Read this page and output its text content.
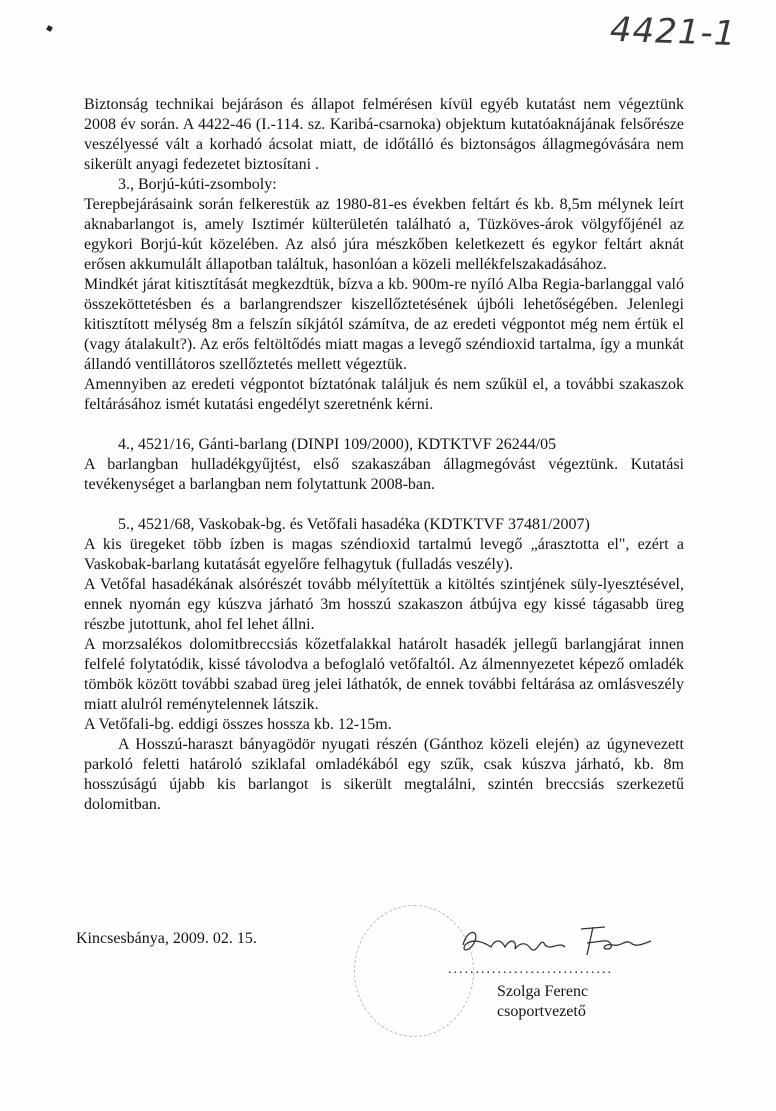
4421-1

Biztonság technikai bejáráson és állapot felmérésen kívül egyéb kutatást nem végeztünk 2008 év során. A 4422-46 (I.-114. sz. Karibá-csarnoka) objektum kutatóaknájának felsőrésze veszélyessé vált a korhadó ácsolat miatt, de időtálló és biztonságos állagmegóvására nem sikerült anyagi fedezetet biztosítani .

3., Borjú-kúti-zsomboly:

Terepbejárásaink során felkerestük az 1980-81-es években feltárt és kb. 8,5m mélynek leírt aknabarlangot is, amely Isztimér külterületén található a, Tüzköves-árok völgyfőjénél az egykori Borjú-kút közelében. Az alsó júra mészkőben keletkezett és egykor feltárt aknát erősen akkumulált állapotban találtuk, hasonlóan a közeli mellékfelszakadásához.

Mindkét járat kitisztítását megkezdtük, bízva a kb. 900m-re nyíló Alba Regia-barlanggal való összeköttetésben és a barlangrendszer kiszellőztetésének újbóli lehetőségében. Jelenlegi kitisztított mélység 8m a felszín síkjától számítva, de az eredeti végpontot még nem értük el (vagy átalakult?). Az erős feltöltődés miatt magas a levegő széndioxid tartalma, így a munkát állandó ventillátoros szellőztetés mellett végeztük.

Amennyiben az eredeti végpontot bíztatónak találjuk és nem szűkül el, a további szakaszok feltárásához ismét kutatási engedélyt szeretnénk kérni.

4., 4521/16, Gánti-barlang (DINPI 109/2000), KDTKTVF 26244/05

A barlangban hulladékgyűjtést, első szakaszában állagmegóvást végeztünk. Kutatási tevékenységet a barlangban nem folytattunk 2008-ban.

5., 4521/68, Vaskobak-bg. és Vetőfali hasadéka (KDTKTVF 37481/2007)

A kis üregeket több ízben is magas széndioxid tartalmú levegő „árasztotta el", ezért a Vaskobak-barlang kutatását egyelőre felhagytuk (fulladás veszély).

A Vetőfal hasadékának alsórészét tovább mélyítettük a kitöltés szintjének süly-lyesztésével, ennek nyomán egy kúszva járható 3m hosszú szakaszon átbújva egy kissé tágasabb üreg részbe jutottunk, ahol fel lehet állni.

A morzsalékos dolomitbreccsiás kőzetfalakkal határolt hasadék jellegű barlangjárat innen felfelé folytatódik, kissé távolodva a befoglaló vetőfaltól. Az álmennyezetet képező omladék tömbök között további szabad üreg jelei láthatók, de ennek további feltárása az omlásveszély miatt alulról reménytelennek látszik.

A Vetőfali-bg. eddigi összes hossza kb. 12-15m.

A Hosszú-haraszt bányagödör nyugati részén (Gánthoz közeli elején) az úgynevezett parkoló feletti határoló sziklafal omladékából egy szűk, csak kúszva járható, kb. 8m hosszúságú újabb kis barlangot is sikerült megtalálni, szintén breccsiás szerkezetű dolomitban.

Kincsesbánya, 2009. 02. 15.
..............................
Szolga Ferenc
csoportvezető
